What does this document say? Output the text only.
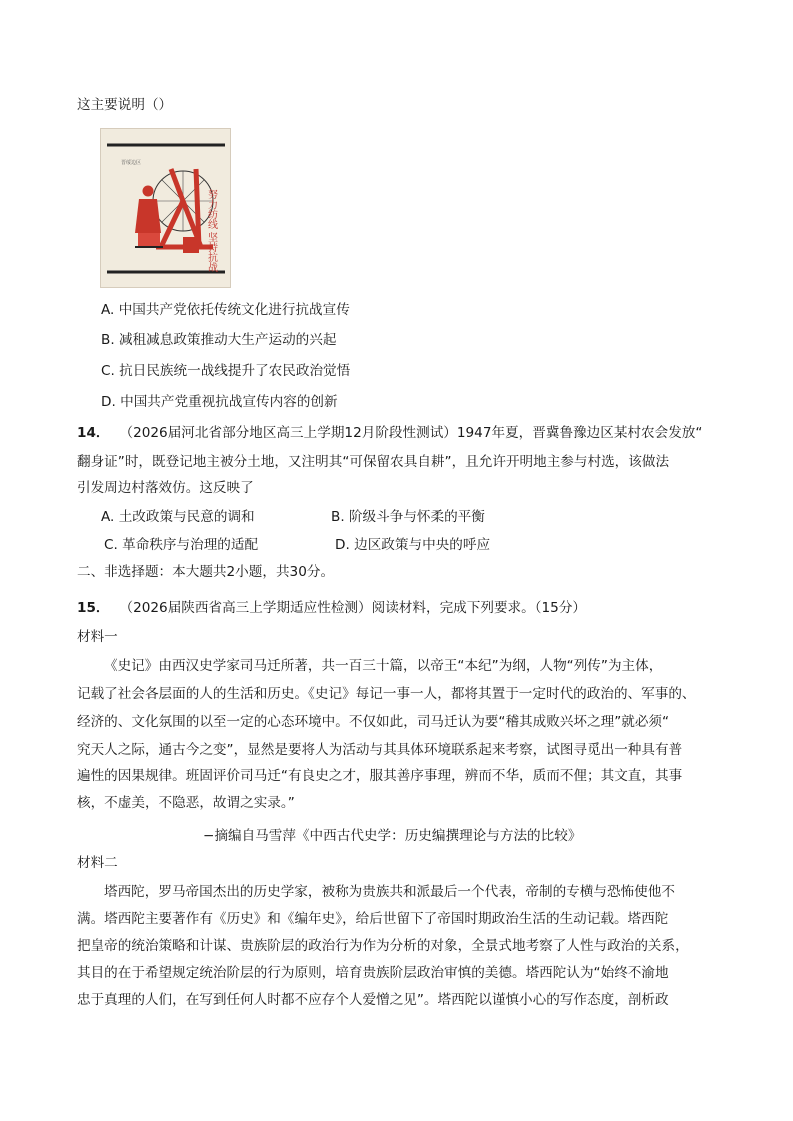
这主要说明（）
晋绥边区
努力纺线 坚持抗战
A. 中国共产党依托传统文化进行抗战宣传
B. 减租减息政策推动大生产运动的兴起
C. 抗日民族统一战线提升了农民政治觉悟
D. 中国共产党重视抗战宣传内容的创新
14． （2026届河北省部分地区高三上学期12月阶段性测试）1947年夏，晋冀鲁豫边区某村农会发放“
翻身证”时，既登记地主被分土地，又注明其“可保留农具自耕”，且允许开明地主参与村选，该做法
引发周边村落效仿。这反映了
A. 土改政策与民意的调和	B. 阶级斗争与怀柔的平衡
C. 革命秩序与治理的适配	D. 边区政策与中央的呼应
二、非选择题：本大题共2小题，共30分。
15． （2026届陕西省高三上学期适应性检测）阅读材料，完成下列要求。（15分）
材料一
《史记》由西汉史学家司马迁所著，共一百三十篇，以帝王“本纪”为纲，人物“列传”为主体，
记载了社会各层面的人的生活和历史。《史记》每记一事一人，都将其置于一定时代的政治的、军事的、
经济的、文化氛围的以至一定的心态环境中。不仅如此，司马迁认为要“稽其成败兴坏之理”就必须“
究天人之际，通古今之变”，显然是要将人为活动与其具体环境联系起来考察，试图寻觅出一种具有普
遍性的因果规律。班固评价司马迁“有良史之才，服其善序事理，辨而不华，质而不俚；其文直，其事
核，不虚美，不隐恶，故谓之实录。”
−摘编自马雪萍《中西古代史学：历史编撰理论与方法的比较》
材料二
塔西陀，罗马帝国杰出的历史学家，被称为贵族共和派最后一个代表，帝制的专横与恐怖使他不
满。塔西陀主要著作有《历史》和《编年史》，给后世留下了帝国时期政治生活的生动记载。塔西陀
把皇帝的统治策略和计谋、贵族阶层的政治行为作为分析的对象，全景式地考察了人性与政治的关系，
其目的在于希望规定统治阶层的行为原则，培育贵族阶层政治审慎的美德。塔西陀认为“始终不渝地
忠于真理的人们，在写到任何人时都不应存个人爱憎之见”。塔西陀以谨慎小心的写作态度，剖析政
